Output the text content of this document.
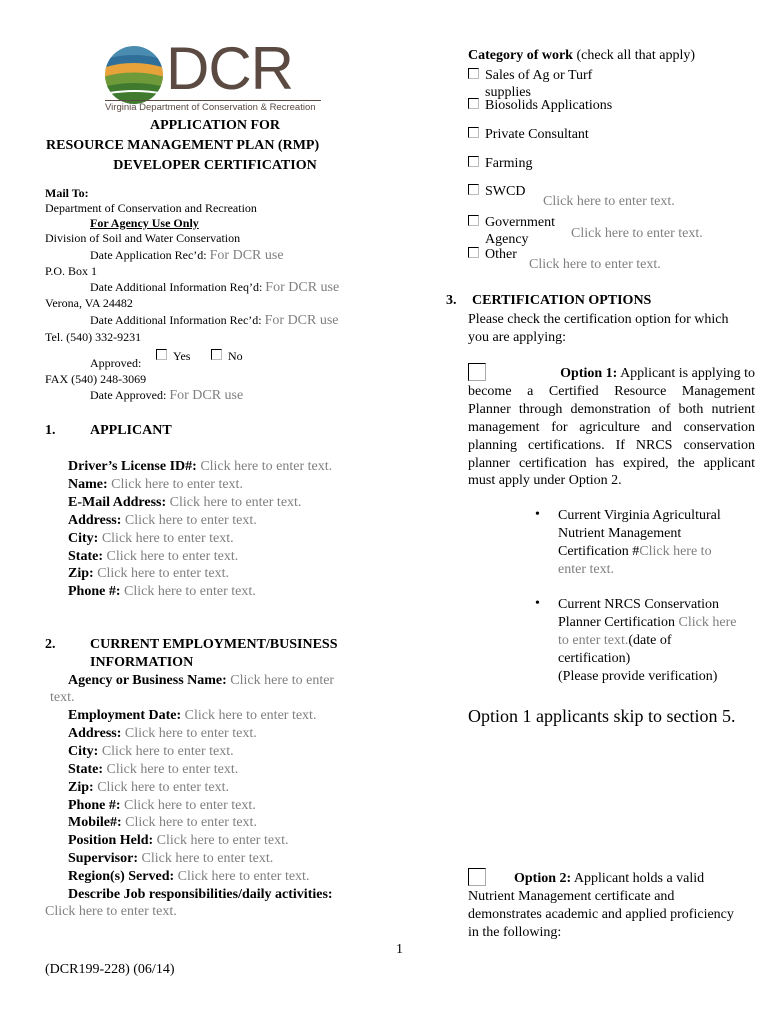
DCR
Virginia Department of Conservation & Recreation
APPLICATION FOR
RESOURCE MANAGEMENT PLAN (RMP)
DEVELOPER CERTIFICATION
Mail To:
Department of Conservation and Recreation
For Agency Use Only
Division of Soil and Water Conservation
Date Application Rec’d: For DCR use
P.O. Box 1
Date Additional Information Req’d: For DCR use
Verona, VA 24482
Date Additional Information Rec’d: For DCR use
Tel. (540) 332-9231
Approved:	Yes	No
FAX (540) 248-3069
Date Approved: For DCR use
1. APPLICANT
Driver’s License ID#: Click here to enter text.
Name: Click here to enter text.
E-Mail Address: Click here to enter text.
Address: Click here to enter text.
City: Click here to enter text.
State: Click here to enter text.
Zip: Click here to enter text.
Phone #: Click here to enter text.
2. CURRENT EMPLOYMENT/BUSINESS
INFORMATION
Agency or Business Name: Click here to enter
text.
Employment Date: Click here to enter text.
Address: Click here to enter text.
City: Click here to enter text.
State: Click here to enter text.
Zip: Click here to enter text.
Phone #: Click here to enter text.
Mobile#: Click here to enter text.
Position Held: Click here to enter text.
Supervisor: Click here to enter text.
Region(s) Served: Click here to enter text.
Describe Job responsibilities/daily activities:
Click here to enter text.
Category of work (check all that apply)
Sales of Ag or Turf
supplies
Biosolids Applications
Private Consultant
Farming
SWCD
Click here to enter text.
Government
Agency	Click here to enter text.
Other
Click here to enter text.
3. CERTIFICATION OPTIONS
Please check the certification option for which
you are applying:
Option 1: Applicant is applying to
become a Certified Resource Management
Planner through demonstration of both nutrient
management for agriculture and conservation
planning certifications. If NRCS conservation
planner certification has expired, the applicant
must apply under Option 2.
• Current Virginia Agricultural
Nutrient Management
Certification #Click here to
enter text.
• Current NRCS Conservation
Planner Certification Click here
to enter text.(date of
certification)
(Please provide verification)
Option 1 applicants skip to section 5.
Option 2: Applicant holds a valid
Nutrient Management certificate and
demonstrates academic and applied proficiency
in the following:
1
(DCR199-228) (06/14)
